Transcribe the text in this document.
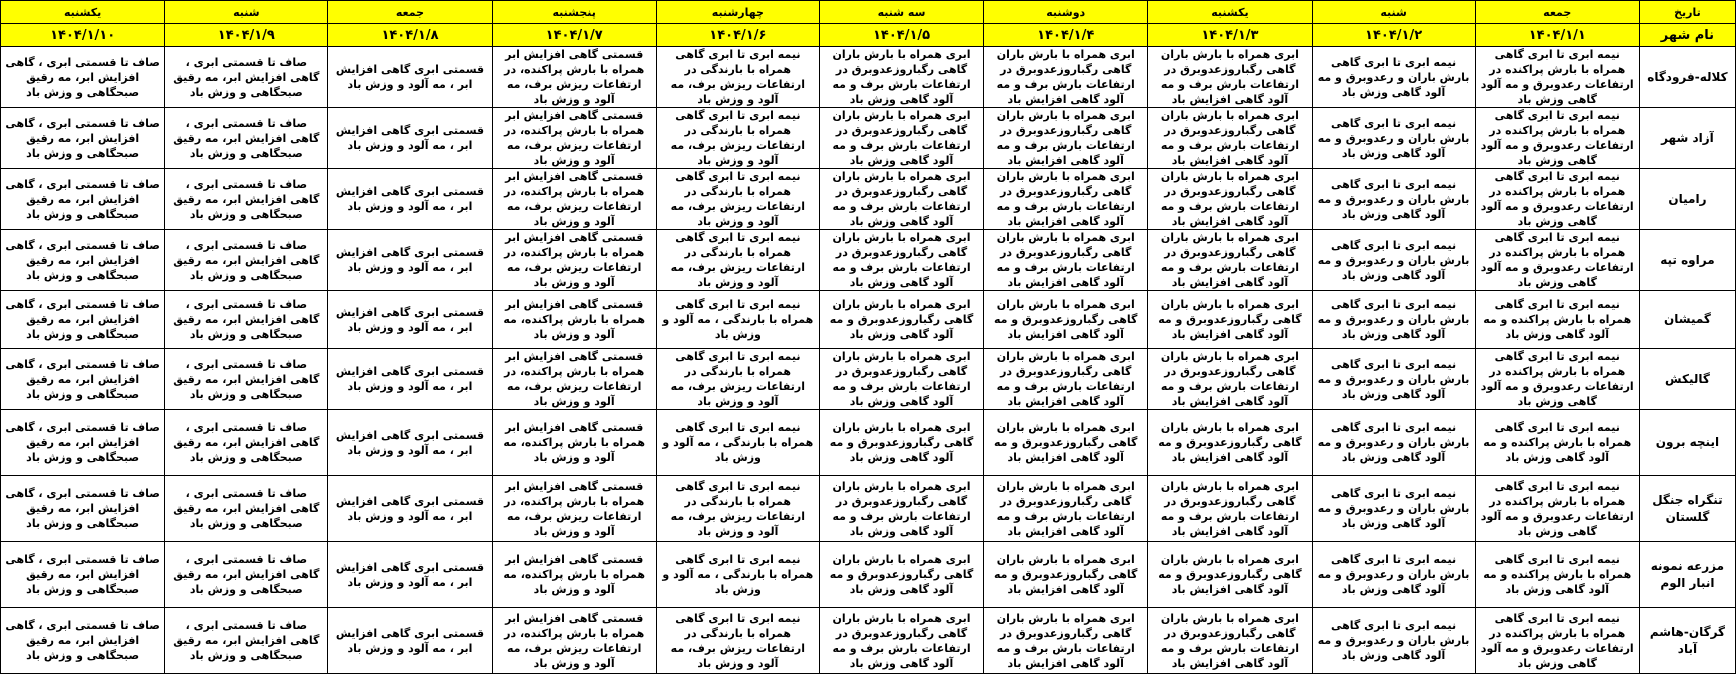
تاریخ	جمعه	شنبه	یکشنبه	دوشنبه	سه شنبه	چهارشنبه	پنجشنبه	جمعه	شنبه	یکشنبه
نام شهر	۱۴۰۴/۱/۱	۱۴۰۴/۱/۲	۱۴۰۴/۱/۳	۱۴۰۴/۱/۴	۱۴۰۴/۱/۵	۱۴۰۴/۱/۶	۱۴۰۴/۱/۷	۱۴۰۴/۱/۸	۱۴۰۴/۱/۹	۱۴۰۴/۱/۱۰
کلاله-فرودگاه	نیمه ابری تا ابری گاهی همراه با بارش پراکنده در ارتفاعات رعدوبرق و مه آلود گاهی وزش باد	نیمه ابری تا ابری گاهی بارش باران و رعدوبرق و مه آلود گاهی وزش باد	ابری همراه با بارش باران گاهی رگباروزعدوبرق در ارتفاعات بارش برف و مه آلود گاهی افزایش باد	ابری همراه با بارش باران گاهی رگباروزعدوبرق در ارتفاعات بارش برف و مه آلود گاهی افزایش باد	ابری همراه با بارش باران گاهی رگباروزعدوبرق در ارتفاعات بارش برف و مه آلود گاهی وزش باد	نیمه ابری تا ابری گاهی همراه با بارندگی در ارتفاعات ریزش برف، مه آلود و وزش باد	قسمتی گاهی افزایش ابر همراه با بارش پراکنده، در ارتفاعات ریزش برف، مه آلود و وزش باد	قسمتی ابری گاهی افزایش ابر ، مه آلود و وزش باد	صاف تا قسمتی ابری ، گاهی افزایش ابر، مه رقیق صبحگاهی و وزش باد	صاف تا قسمتی ابری ، گاهی افزایش ابر، مه رقیق صبحگاهی و وزش باد
آزاد شهر	نیمه ابری تا ابری گاهی همراه با بارش پراکنده در ارتفاعات رعدوبرق و مه آلود گاهی وزش باد	نیمه ابری تا ابری گاهی بارش باران و رعدوبرق و مه آلود گاهی وزش باد	ابری همراه با بارش باران گاهی رگباروزعدوبرق در ارتفاعات بارش برف و مه آلود گاهی افزایش باد	ابری همراه با بارش باران گاهی رگباروزعدوبرق در ارتفاعات بارش برف و مه آلود گاهی افزایش باد	ابری همراه با بارش باران گاهی رگباروزعدوبرق در ارتفاعات بارش برف و مه آلود گاهی وزش باد	نیمه ابری تا ابری گاهی همراه با بارندگی در ارتفاعات ریزش برف، مه آلود و وزش باد	قسمتی گاهی افزایش ابر همراه با بارش پراکنده، در ارتفاعات ریزش برف، مه آلود و وزش باد	قسمتی ابری گاهی افزایش ابر ، مه آلود و وزش باد	صاف تا قسمتی ابری ، گاهی افزایش ابر، مه رقیق صبحگاهی و وزش باد	صاف تا قسمتی ابری ، گاهی افزایش ابر، مه رقیق صبحگاهی و وزش باد
رامیان	نیمه ابری تا ابری گاهی همراه با بارش پراکنده در ارتفاعات رعدوبرق و مه آلود گاهی وزش باد	نیمه ابری تا ابری گاهی بارش باران و رعدوبرق و مه آلود گاهی وزش باد	ابری همراه با بارش باران گاهی رگباروزعدوبرق در ارتفاعات بارش برف و مه آلود گاهی افزایش باد	ابری همراه با بارش باران گاهی رگباروزعدوبرق در ارتفاعات بارش برف و مه آلود گاهی افزایش باد	ابری همراه با بارش باران گاهی رگباروزعدوبرق در ارتفاعات بارش برف و مه آلود گاهی وزش باد	نیمه ابری تا ابری گاهی همراه با بارندگی در ارتفاعات ریزش برف، مه آلود و وزش باد	قسمتی گاهی افزایش ابر همراه با بارش پراکنده، در ارتفاعات ریزش برف، مه آلود و وزش باد	قسمتی ابری گاهی افزایش ابر ، مه آلود و وزش باد	صاف تا قسمتی ابری ، گاهی افزایش ابر، مه رقیق صبحگاهی و وزش باد	صاف تا قسمتی ابری ، گاهی افزایش ابر، مه رقیق صبحگاهی و وزش باد
مراوه تپه	نیمه ابری تا ابری گاهی همراه با بارش پراکنده در ارتفاعات رعدوبرق و مه آلود گاهی وزش باد	نیمه ابری تا ابری گاهی بارش باران و رعدوبرق و مه آلود گاهی وزش باد	ابری همراه با بارش باران گاهی رگباروزعدوبرق در ارتفاعات بارش برف و مه آلود گاهی افزایش باد	ابری همراه با بارش باران گاهی رگباروزعدوبرق در ارتفاعات بارش برف و مه آلود گاهی افزایش باد	ابری همراه با بارش باران گاهی رگباروزعدوبرق در ارتفاعات بارش برف و مه آلود گاهی وزش باد	نیمه ابری تا ابری گاهی همراه با بارندگی در ارتفاعات ریزش برف، مه آلود و وزش باد	قسمتی گاهی افزایش ابر همراه با بارش پراکنده، در ارتفاعات ریزش برف، مه آلود و وزش باد	قسمتی ابری گاهی افزایش ابر ، مه آلود و وزش باد	صاف تا قسمتی ابری ، گاهی افزایش ابر، مه رقیق صبحگاهی و وزش باد	صاف تا قسمتی ابری ، گاهی افزایش ابر، مه رقیق صبحگاهی و وزش باد
گمیشان	نیمه ابری تا ابری گاهی همراه با بارش پراکنده و مه آلود گاهی وزش باد	نیمه ابری تا ابری گاهی بارش باران و رعدوبرق و مه آلود گاهی وزش باد	ابری همراه با بارش باران گاهی رگباروزعدوبرق و مه آلود گاهی افزایش باد	ابری همراه با بارش باران گاهی رگباروزعدوبرق و مه آلود گاهی افزایش باد	ابری همراه با بارش باران گاهی رگباروزعدوبرق و مه آلود گاهی وزش باد	نیمه ابری تا ابری گاهی همراه با بارندگی ، مه آلود و وزش باد	قسمتی گاهی افزایش ابر همراه با بارش پراکنده، مه آلود و وزش باد	قسمتی ابری گاهی افزایش ابر ، مه آلود و وزش باد	صاف تا قسمتی ابری ، گاهی افزایش ابر، مه رقیق صبحگاهی و وزش باد	صاف تا قسمتی ابری ، گاهی افزایش ابر، مه رقیق صبحگاهی و وزش باد
گالیکش	نیمه ابری تا ابری گاهی همراه با بارش پراکنده در ارتفاعات رعدوبرق و مه آلود گاهی وزش باد	نیمه ابری تا ابری گاهی بارش باران و رعدوبرق و مه آلود گاهی وزش باد	ابری همراه با بارش باران گاهی رگباروزعدوبرق در ارتفاعات بارش برف و مه آلود گاهی افزایش باد	ابری همراه با بارش باران گاهی رگباروزعدوبرق در ارتفاعات بارش برف و مه آلود گاهی افزایش باد	ابری همراه با بارش باران گاهی رگباروزعدوبرق در ارتفاعات بارش برف و مه آلود گاهی وزش باد	نیمه ابری تا ابری گاهی همراه با بارندگی در ارتفاعات ریزش برف، مه آلود و وزش باد	قسمتی گاهی افزایش ابر همراه با بارش پراکنده، در ارتفاعات ریزش برف، مه آلود و وزش باد	قسمتی ابری گاهی افزایش ابر ، مه آلود و وزش باد	صاف تا قسمتی ابری ، گاهی افزایش ابر، مه رقیق صبحگاهی و وزش باد	صاف تا قسمتی ابری ، گاهی افزایش ابر، مه رقیق صبحگاهی و وزش باد
اینچه برون	نیمه ابری تا ابری گاهی همراه با بارش پراکنده و مه آلود گاهی وزش باد	نیمه ابری تا ابری گاهی بارش باران و رعدوبرق و مه آلود گاهی وزش باد	ابری همراه با بارش باران گاهی رگباروزعدوبرق و مه آلود گاهی افزایش باد	ابری همراه با بارش باران گاهی رگباروزعدوبرق و مه آلود گاهی افزایش باد	ابری همراه با بارش باران گاهی رگباروزعدوبرق و مه آلود گاهی وزش باد	نیمه ابری تا ابری گاهی همراه با بارندگی ، مه آلود و وزش باد	قسمتی گاهی افزایش ابر همراه با بارش پراکنده، مه آلود و وزش باد	قسمتی ابری گاهی افزایش ابر ، مه آلود و وزش باد	صاف تا قسمتی ابری ، گاهی افزایش ابر، مه رقیق صبحگاهی و وزش باد	صاف تا قسمتی ابری ، گاهی افزایش ابر، مه رقیق صبحگاهی و وزش باد
تنگراه جنگل گلستان	نیمه ابری تا ابری گاهی همراه با بارش پراکنده در ارتفاعات رعدوبرق و مه آلود گاهی وزش باد	نیمه ابری تا ابری گاهی بارش باران و رعدوبرق و مه آلود گاهی وزش باد	ابری همراه با بارش باران گاهی رگباروزعدوبرق در ارتفاعات بارش برف و مه آلود گاهی افزایش باد	ابری همراه با بارش باران گاهی رگباروزعدوبرق در ارتفاعات بارش برف و مه آلود گاهی افزایش باد	ابری همراه با بارش باران گاهی رگباروزعدوبرق در ارتفاعات بارش برف و مه آلود گاهی وزش باد	نیمه ابری تا ابری گاهی همراه با بارندگی در ارتفاعات ریزش برف، مه آلود و وزش باد	قسمتی گاهی افزایش ابر همراه با بارش پراکنده، در ارتفاعات ریزش برف، مه آلود و وزش باد	قسمتی ابری گاهی افزایش ابر ، مه آلود و وزش باد	صاف تا قسمتی ابری ، گاهی افزایش ابر، مه رقیق صبحگاهی و وزش باد	صاف تا قسمتی ابری ، گاهی افزایش ابر، مه رقیق صبحگاهی و وزش باد
مزرعه نمونه انبار الوم	نیمه ابری تا ابری گاهی همراه با بارش پراکنده و مه آلود گاهی وزش باد	نیمه ابری تا ابری گاهی بارش باران و رعدوبرق و مه آلود گاهی وزش باد	ابری همراه با بارش باران گاهی رگباروزعدوبرق و مه آلود گاهی افزایش باد	ابری همراه با بارش باران گاهی رگباروزعدوبرق و مه آلود گاهی افزایش باد	ابری همراه با بارش باران گاهی رگباروزعدوبرق و مه آلود گاهی وزش باد	نیمه ابری تا ابری گاهی همراه با بارندگی ، مه آلود و وزش باد	قسمتی گاهی افزایش ابر همراه با بارش پراکنده، مه آلود و وزش باد	قسمتی ابری گاهی افزایش ابر ، مه آلود و وزش باد	صاف تا قسمتی ابری ، گاهی افزایش ابر، مه رقیق صبحگاهی و وزش باد	صاف تا قسمتی ابری ، گاهی افزایش ابر، مه رقیق صبحگاهی و وزش باد
گرگان-هاشم آباد	نیمه ابری تا ابری گاهی همراه با بارش پراکنده در ارتفاعات رعدوبرق و مه آلود گاهی وزش باد	نیمه ابری تا ابری گاهی بارش باران و رعدوبرق و مه آلود گاهی وزش باد	ابری همراه با بارش باران گاهی رگباروزعدوبرق در ارتفاعات بارش برف و مه آلود گاهی افزایش باد	ابری همراه با بارش باران گاهی رگباروزعدوبرق در ارتفاعات بارش برف و مه آلود گاهی افزایش باد	ابری همراه با بارش باران گاهی رگباروزعدوبرق در ارتفاعات بارش برف و مه آلود گاهی وزش باد	نیمه ابری تا ابری گاهی همراه با بارندگی در ارتفاعات ریزش برف، مه آلود و وزش باد	قسمتی گاهی افزایش ابر همراه با بارش پراکنده، در ارتفاعات ریزش برف، مه آلود و وزش باد	قسمتی ابری گاهی افزایش ابر ، مه آلود و وزش باد	صاف تا قسمتی ابری ، گاهی افزایش ابر، مه رقیق صبحگاهی و وزش باد	صاف تا قسمتی ابری ، گاهی افزایش ابر، مه رقیق صبحگاهی و وزش باد
